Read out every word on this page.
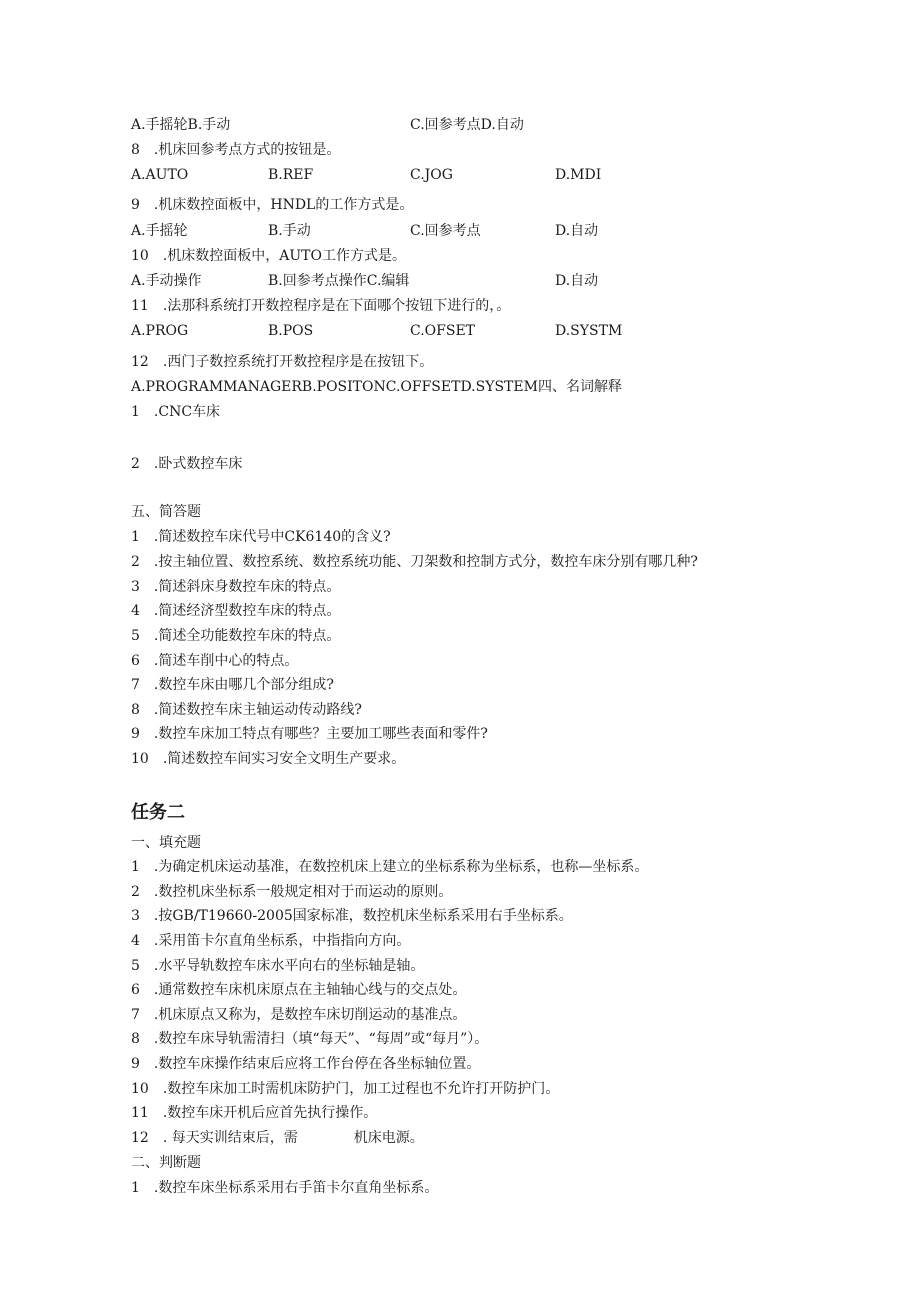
A.手摇轮B.手动	C.回参考点D.自动
8 .机床回参考点方式的按钮是。
A.AUTO	B.REF	C.JOG	D.MDI
9 .机床数控面板中，HNDL的工作方式是。
A.手摇轮	B.手动	C.回参考点	D.自动
10 .机床数控面板中，AUTO工作方式是。
A.手动操作	B.回参考点操作C.编辑	D.自动
11 .法那科系统打开数控程序是在下面哪个按钮下进行的，。
A.PROG	B.POS	C.OFSET	D.SYSTM
12 .西门子数控系统打开数控程序是在按钮下。
A.PROGRAMMANAGERB.POSITONC.OFFSETD.SYSTEM四、名词解释
1 .CNC车床
2 .卧式数控车床
五、简答题
1 .简述数控车床代号中CK6140的含义?
2 .按主轴位置、数控系统、数控系统功能、刀架数和控制方式分，数控车床分别有哪几种?
3 .简述斜床身数控车床的特点。
4 .简述经济型数控车床的特点。
5 .简述全功能数控车床的特点。
6 .简述车削中心的特点。
7 .数控车床由哪几个部分组成?
8 .简述数控车床主轴运动传动路线?
9 .数控车床加工特点有哪些？主要加工哪些表面和零件?
10 .简述数控车间实习安全文明生产要求。
任务二
一、填充题
1 .为确定机床运动基准，在数控机床上建立的坐标系称为坐标系，也称—坐标系。
2 .数控机床坐标系一般规定相对于而运动的原则。
3 .按GB/T19660-2005国家标准，数控机床坐标系采用右手坐标系。
4 .采用笛卡尔直角坐标系，中指指向方向。
5 .水平导轨数控车床水平向右的坐标轴是轴。
6 .通常数控车床机床原点在主轴轴心线与的交点处。
7 .机床原点又称为，是数控车床切削运动的基准点。
8 .数控车床导轨需清扫（填“每天”、“每周”或“每月”）。
9 .数控车床操作结束后应将工作台停在各坐标轴位置。
10 .数控车床加工时需机床防护门，加工过程也不允许打开防护门。
11 .数控车床开机后应首先执行操作。
12 . 每天实训结束后，需    机床电源。
二、判断题
1 .数控车床坐标系采用右手笛卡尔直角坐标系。
